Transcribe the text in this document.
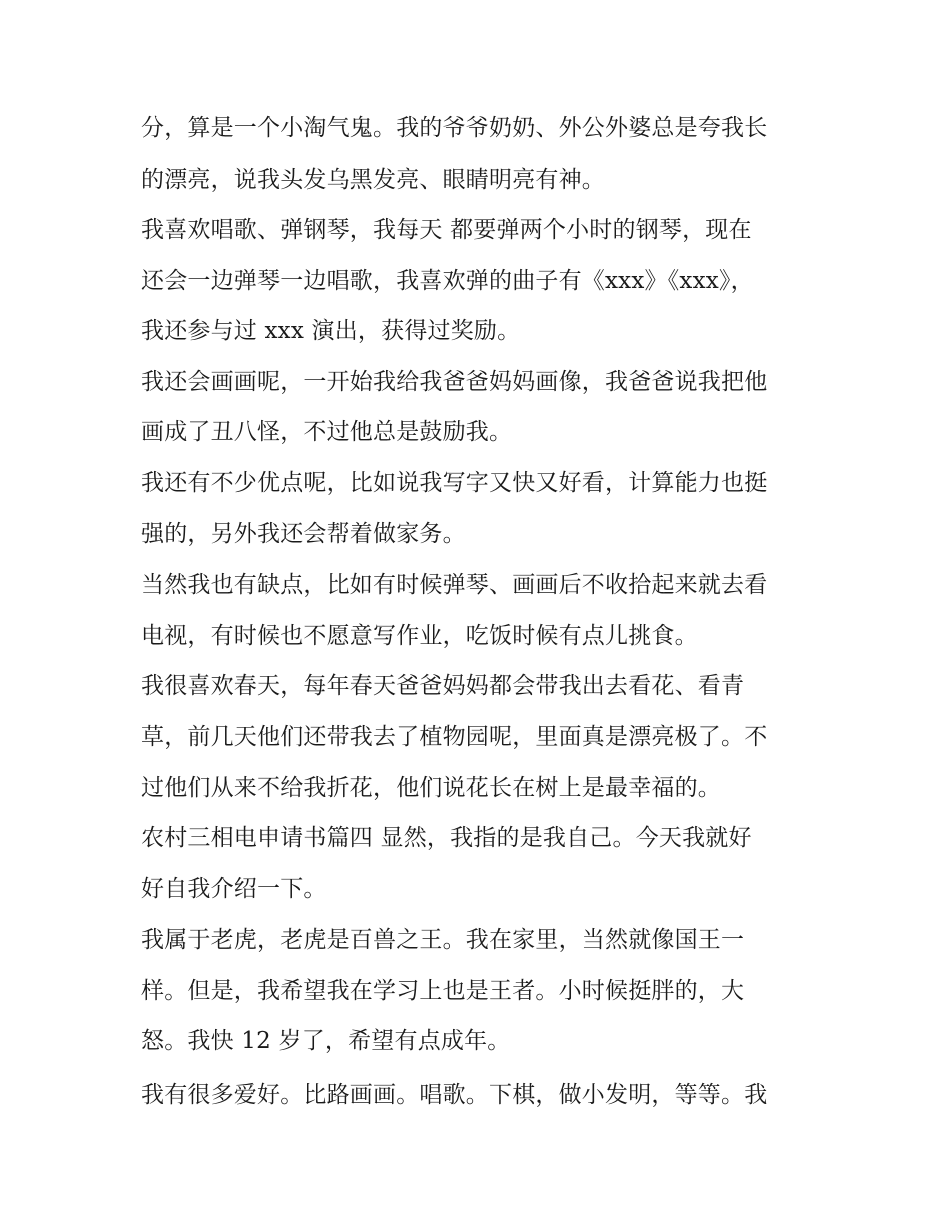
分，算是一个小淘气鬼。我的爷爷奶奶、外公外婆总是夸我长
的漂亮，说我头发乌黑发亮、眼睛明亮有神。
我喜欢唱歌、弹钢琴，我每天 都要弹两个小时的钢琴，现在
还会一边弹琴一边唱歌，我喜欢弹的曲子有《xxx》《xxx》，
我还参与过 xxx 演出，获得过奖励。
我还会画画呢，一开始我给我爸爸妈妈画像，我爸爸说我把他
画成了丑八怪，不过他总是鼓励我。
我还有不少优点呢，比如说我写字又快又好看，计算能力也挺
强的，另外我还会帮着做家务。
当然我也有缺点，比如有时候弹琴、画画后不收拾起来就去看
电视，有时候也不愿意写作业，吃饭时候有点儿挑食。
我很喜欢春天，每年春天爸爸妈妈都会带我出去看花、看青
草，前几天他们还带我去了植物园呢，里面真是漂亮极了。不
过他们从来不给我折花，他们说花长在树上是最幸福的。
农村三相电申请书篇四 显然，我指的是我自己。今天我就好
好自我介绍一下。
我属于老虎，老虎是百兽之王。我在家里，当然就像国王一
样。但是，我希望我在学习上也是王者。小时候挺胖的，大
怒。我快 12 岁了，希望有点成年。
我有很多爱好。比路画画。唱歌。下棋，做小发明，等等。我
